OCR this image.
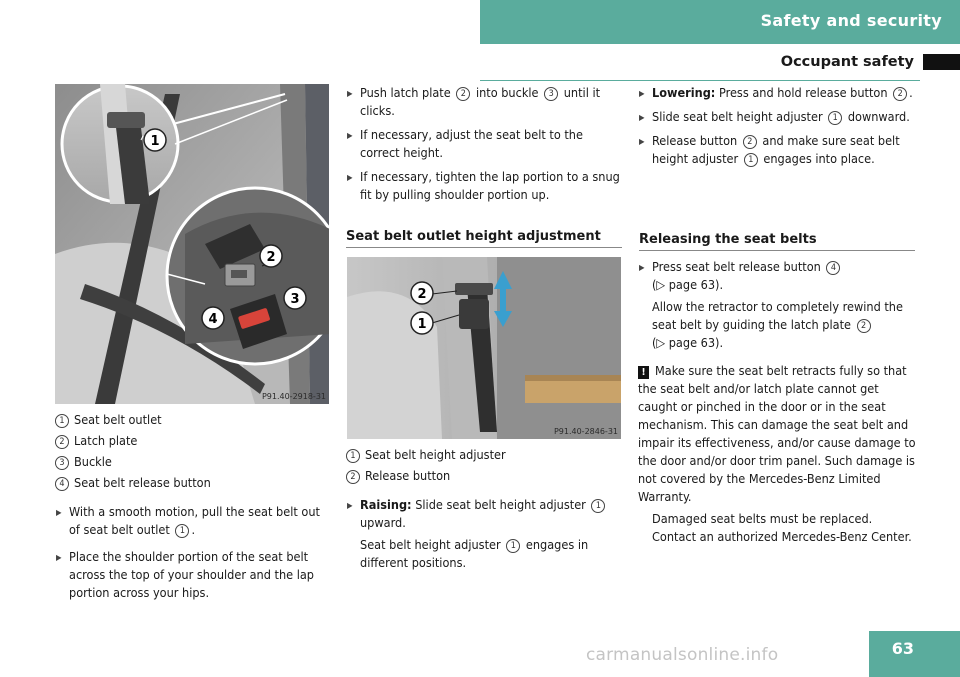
Safety and security
Occupant safety
1
2
3
4
P91.40-2918-31
1 Seat belt outlet
2 Latch plate
3 Buckle
4 Seat belt release button
▶ With a smooth motion, pull the seat belt out of seat belt outlet 1 .
▶ Place the shoulder portion of the seat belt across the top of your shoulder and the lap portion across your hips.
▶ Push latch plate 2 into buckle 3 until it clicks.
▶ If necessary, adjust the seat belt to the correct height.
▶ If necessary, tighten the lap portion to a snug fit by pulling shoulder portion up.
Seat belt outlet height adjustment
2
1
P91.40-2846-31
1 Seat belt height adjuster
2 Release button
▶ Raising: Slide seat belt height adjuster 1 upward.
Seat belt height adjuster 1 engages in different positions.
▶ Lowering: Press and hold release button 2 .
▶ Slide seat belt height adjuster 1 downward.
▶ Release button 2 and make sure seat belt height adjuster 1 engages into place.
Releasing the seat belts
▶ Press seat belt release button 4
(▷ page 63).
Allow the retractor to completely rewind the seat belt by guiding the latch plate 2
(▷ page 63).
! Make sure the seat belt retracts fully so that the seat belt and/or latch plate cannot get caught or pinched in the door or in the seat mechanism. This can damage the seat belt and impair its effectiveness, and/or cause damage to the door and/or door trim panel. Such damage is not covered by the Mercedes-Benz Limited Warranty.
Damaged seat belts must be replaced. Contact an authorized Mercedes-Benz Center.
63
carmanualsonline.info
